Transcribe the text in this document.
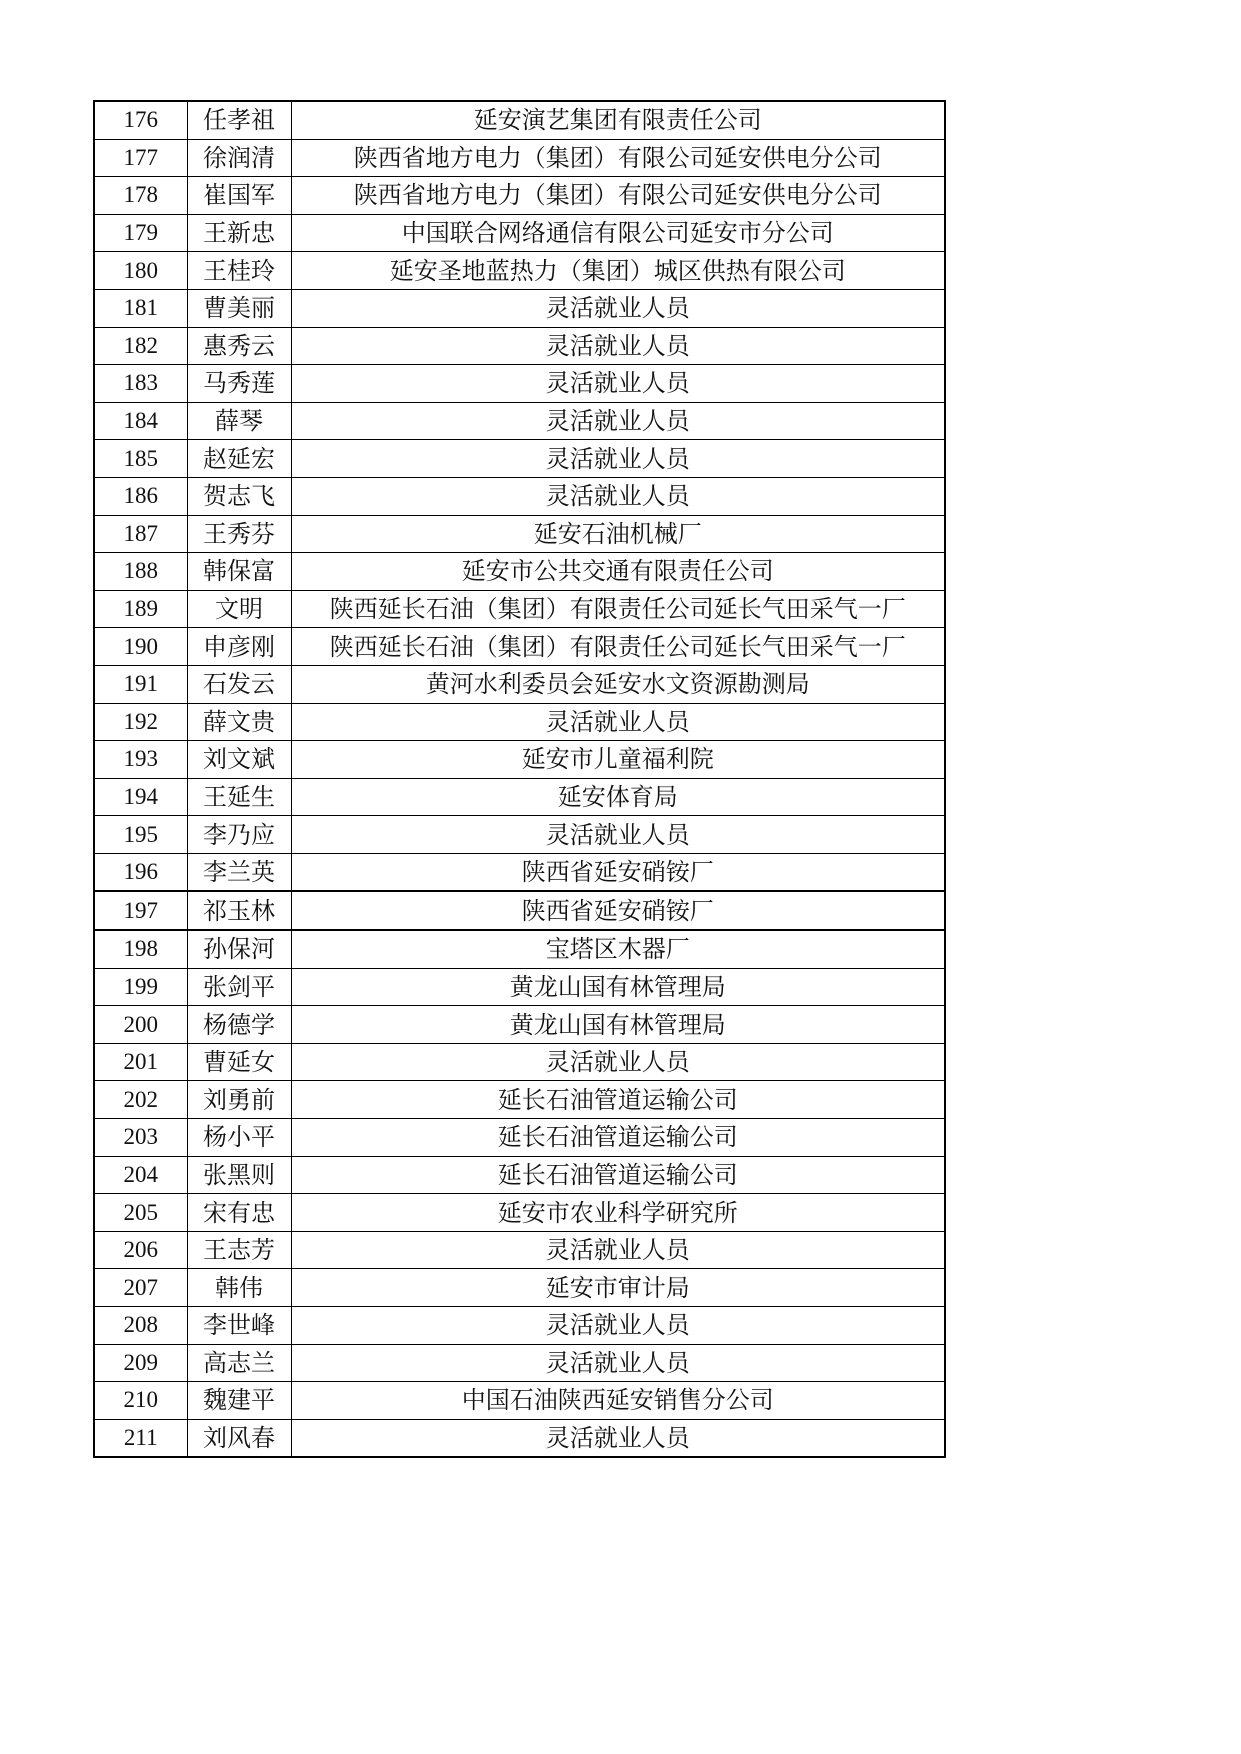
176	任孝祖	延安演艺集团有限责任公司
177	徐润清	陕西省地方电力（集团）有限公司延安供电分公司
178	崔国军	陕西省地方电力（集团）有限公司延安供电分公司
179	王新忠	中国联合网络通信有限公司延安市分公司
180	王桂玲	延安圣地蓝热力（集团）城区供热有限公司
181	曹美丽	灵活就业人员
182	惠秀云	灵活就业人员
183	马秀莲	灵活就业人员
184	薛琴	灵活就业人员
185	赵延宏	灵活就业人员
186	贺志飞	灵活就业人员
187	王秀芬	延安石油机械厂
188	韩保富	延安市公共交通有限责任公司
189	文明	陕西延长石油（集团）有限责任公司延长气田采气一厂
190	申彦刚	陕西延长石油（集团）有限责任公司延长气田采气一厂
191	石发云	黄河水利委员会延安水文资源勘测局
192	薛文贵	灵活就业人员
193	刘文斌	延安市儿童福利院
194	王延生	延安体育局
195	李乃应	灵活就业人员
196	李兰英	陕西省延安硝铵厂
197	祁玉林	陕西省延安硝铵厂
198	孙保河	宝塔区木器厂
199	张剑平	黄龙山国有林管理局
200	杨德学	黄龙山国有林管理局
201	曹延女	灵活就业人员
202	刘勇前	延长石油管道运输公司
203	杨小平	延长石油管道运输公司
204	张黑则	延长石油管道运输公司
205	宋有忠	延安市农业科学研究所
206	王志芳	灵活就业人员
207	韩伟	延安市审计局
208	李世峰	灵活就业人员
209	高志兰	灵活就业人员
210	魏建平	中国石油陕西延安销售分公司
211	刘风春	灵活就业人员
